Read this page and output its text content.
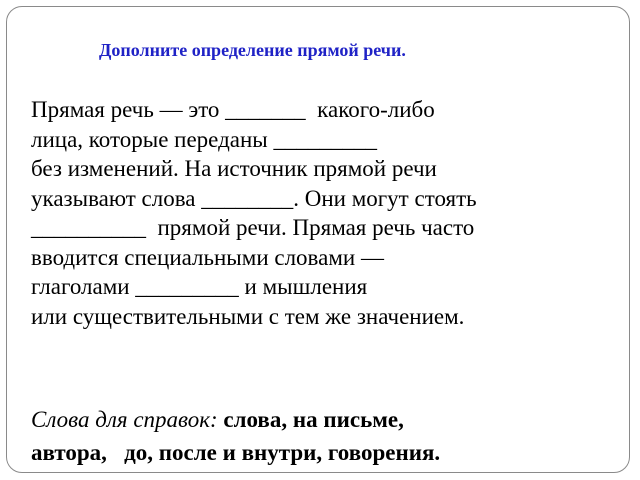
Дополните определение прямой речи.

Прямая речь — это _______  какого-либо
лица, которые переданы _________
без изменений. На источник прямой речи
указывают слова ________. Они могут стоять
__________  прямой речи. Прямая речь часто
вводится специальными словами —
глаголами _________ и мышления
или существительными с тем же значением.
Слова для справок: слова, на письме,
автора,   до, после и внутри, говорения.
